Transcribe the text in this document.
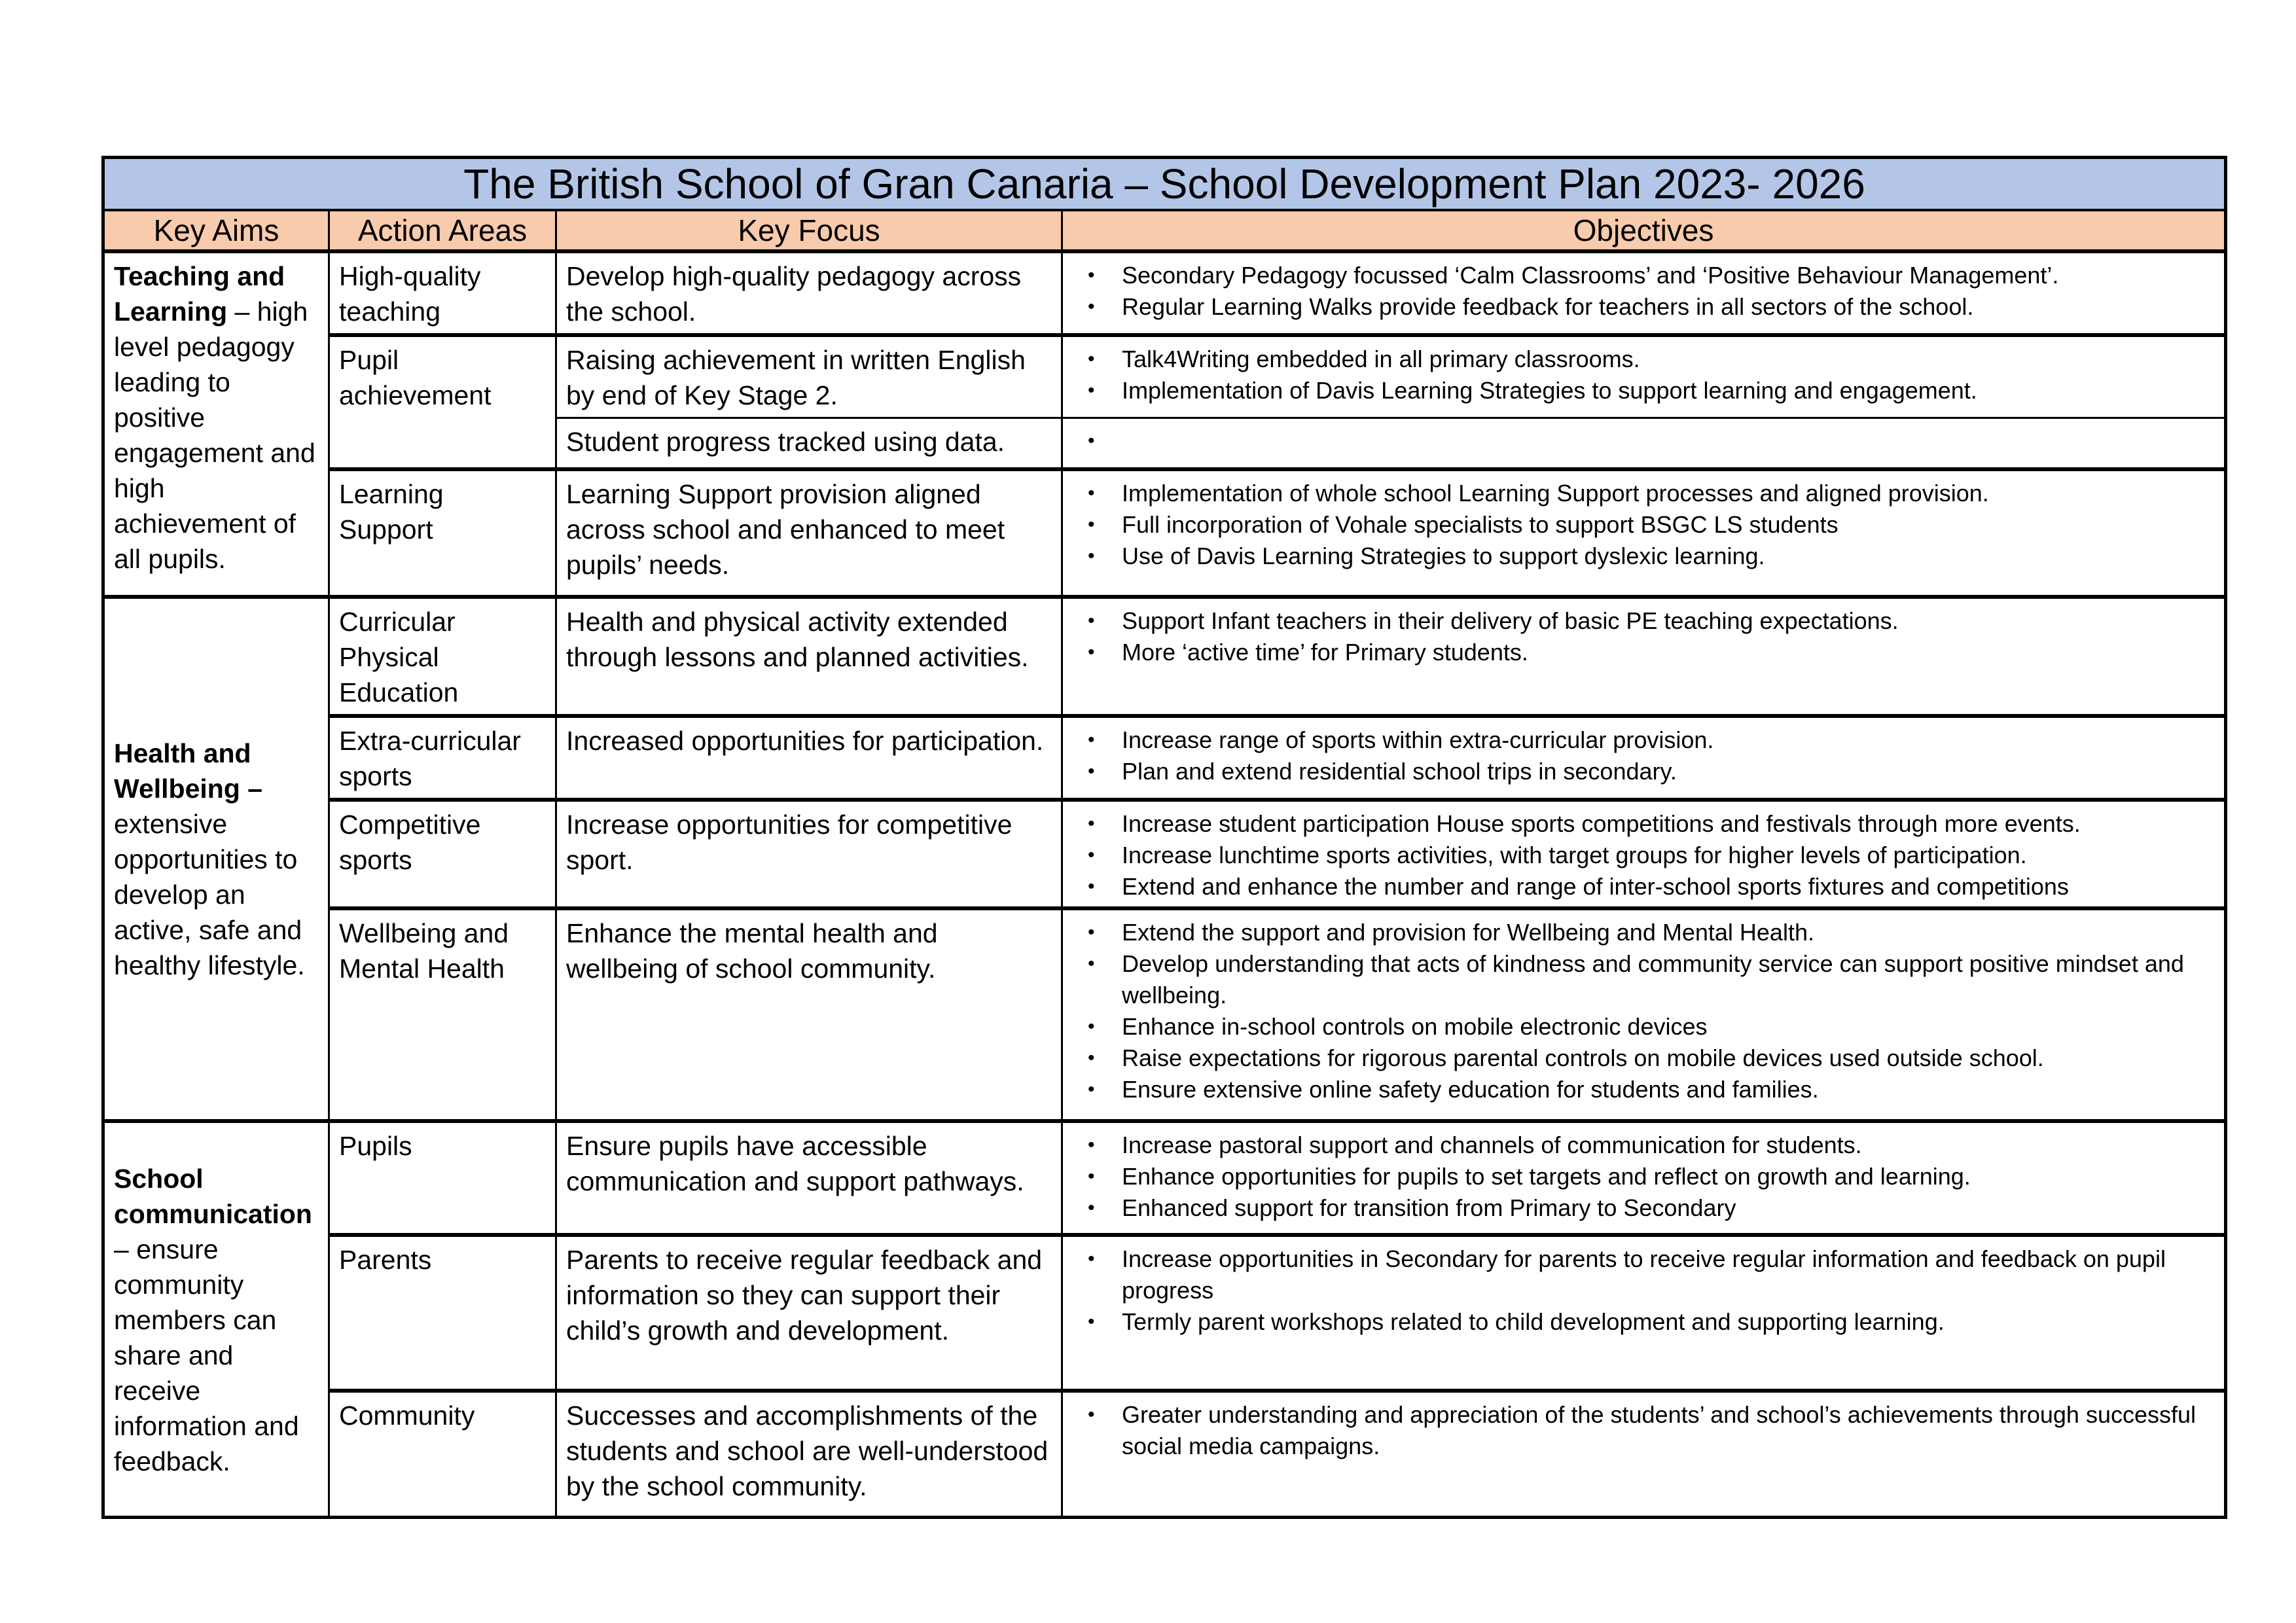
The British School of Gran Canaria – School Development Plan 2023- 2026			
Key Aims	Action Areas	Key Focus	Objectives
Teaching and Learning – high level pedagogy leading to positive engagement and high achievement of all pupils.	High-quality teaching	Develop high-quality pedagogy across the school.	
•	Secondary Pedagogy focussed ‘Calm Classrooms’ and ‘Positive Behaviour Management’.
•	Regular Learning Walks provide feedback for teachers in all sectors of the school.

Pupil achievement	Raising achievement in written English by end of Key Stage 2.	
•	Talk4Writing embedded in all primary classrooms.
•	Implementation of Davis Learning Strategies to support learning and engagement.

Student progress tracked using data.	•

Learning Support	Learning Support provision aligned across school and enhanced to meet pupils’ needs.	
•	Implementation of whole school Learning Support processes and aligned provision.
•	Full incorporation of Vohale specialists to support BSGC LS students
•	Use of Davis Learning Strategies to support dyslexic learning.

Health and Wellbeing – extensive opportunities to develop an active, safe and healthy lifestyle.	Curricular Physical Education	Health and physical activity extended through lessons and planned activities.	
•	Support Infant teachers in their delivery of basic PE teaching expectations.
•	More ‘active time’ for Primary students.

Extra-curricular sports	Increased opportunities for participation.	•	Increase range of sports within extra-curricular provision.
•	Plan and extend residential school trips in secondary.

Competitive sports	Increase opportunities for competitive sport.	
•	Increase student participation House sports competitions and festivals through more events.
•	Increase lunchtime sports activities, with target groups for higher levels of participation.
•	Extend and enhance the number and range of inter-school sports fixtures and competitions

Wellbeing and Mental Health	Enhance the mental health and wellbeing of school community.	
•	Extend the support and provision for Wellbeing and Mental Health.
•	Develop understanding that acts of kindness and community service can support positive mindset and wellbeing.
•	Enhance in-school controls on mobile electronic devices
•	Raise expectations for rigorous parental controls on mobile devices used outside school.
•	Ensure extensive online safety education for students and families.

School communication – ensure community members can share and receive information and feedback.	Pupils	Ensure pupils have accessible communication and support pathways.	
•	Increase pastoral support and channels of communication for students.
•	Enhance opportunities for pupils to set targets and reflect on growth and learning.
•	Enhanced support for transition from Primary to Secondary

Parents	Parents to receive regular feedback and information so they can support their child’s growth and development.	
•	Increase opportunities in Secondary for parents to receive regular information and feedback on pupil progress
•	Termly parent workshops related to child development and supporting learning.

Community	Successes and accomplishments of the students and school are well-understood by the school community.	
•	Greater understanding and appreciation of the students’ and school’s achievements through successful social media campaigns.
